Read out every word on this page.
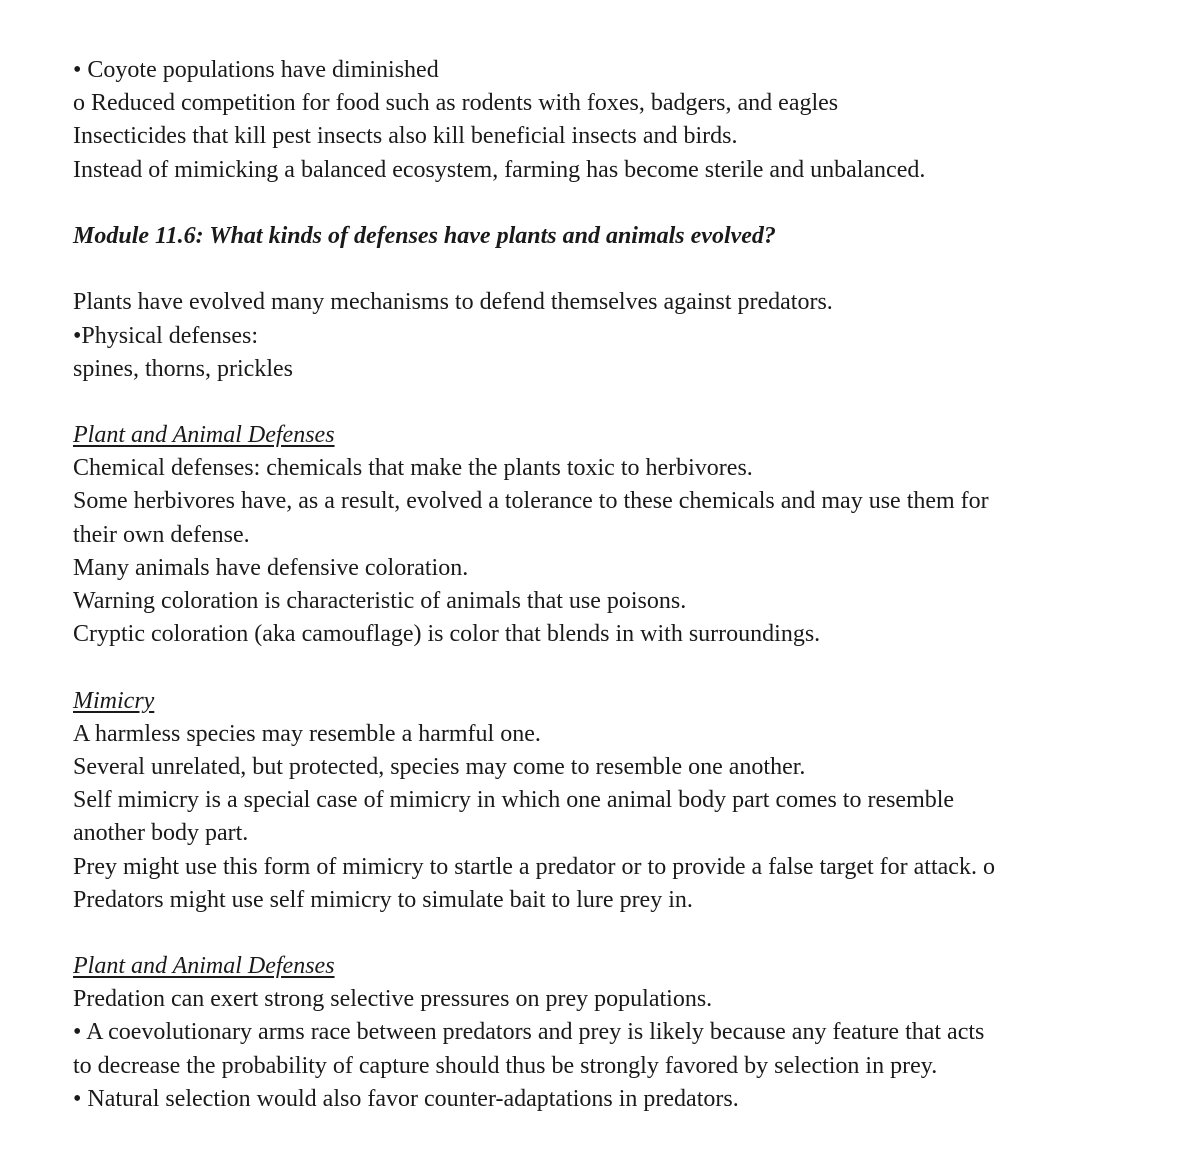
• Coyote populations have diminished
o Reduced competition for food such as rodents with foxes, badgers, and eagles
Insecticides that kill pest insects also kill beneficial insects and birds.
Instead of mimicking a balanced ecosystem, farming has become sterile and unbalanced.
Module 11.6: What kinds of defenses have plants and animals evolved?
Plants have evolved many mechanisms to defend themselves against predators.
•Physical defenses:
spines, thorns, prickles
Plant and Animal Defenses
Chemical defenses: chemicals that make the plants toxic to herbivores.
Some herbivores have, as a result, evolved a tolerance to these chemicals and may use them for
their own defense.
Many animals have defensive coloration.
Warning coloration is characteristic of animals that use poisons.
Cryptic coloration (aka camouflage) is color that blends in with surroundings.
Mimicry
A harmless species may resemble a harmful one.
Several unrelated, but protected, species may come to resemble one another.
Self mimicry is a special case of mimicry in which one animal body part comes to resemble
another body part.
Prey might use this form of mimicry to startle a predator or to provide a false target for attack. o
Predators might use self mimicry to simulate bait to lure prey in.
Plant and Animal Defenses
Predation can exert strong selective pressures on prey populations.
• A coevolutionary arms race between predators and prey is likely because any feature that acts
to decrease the probability of capture should thus be strongly favored by selection in prey.
• Natural selection would also favor counter-adaptations in predators.
